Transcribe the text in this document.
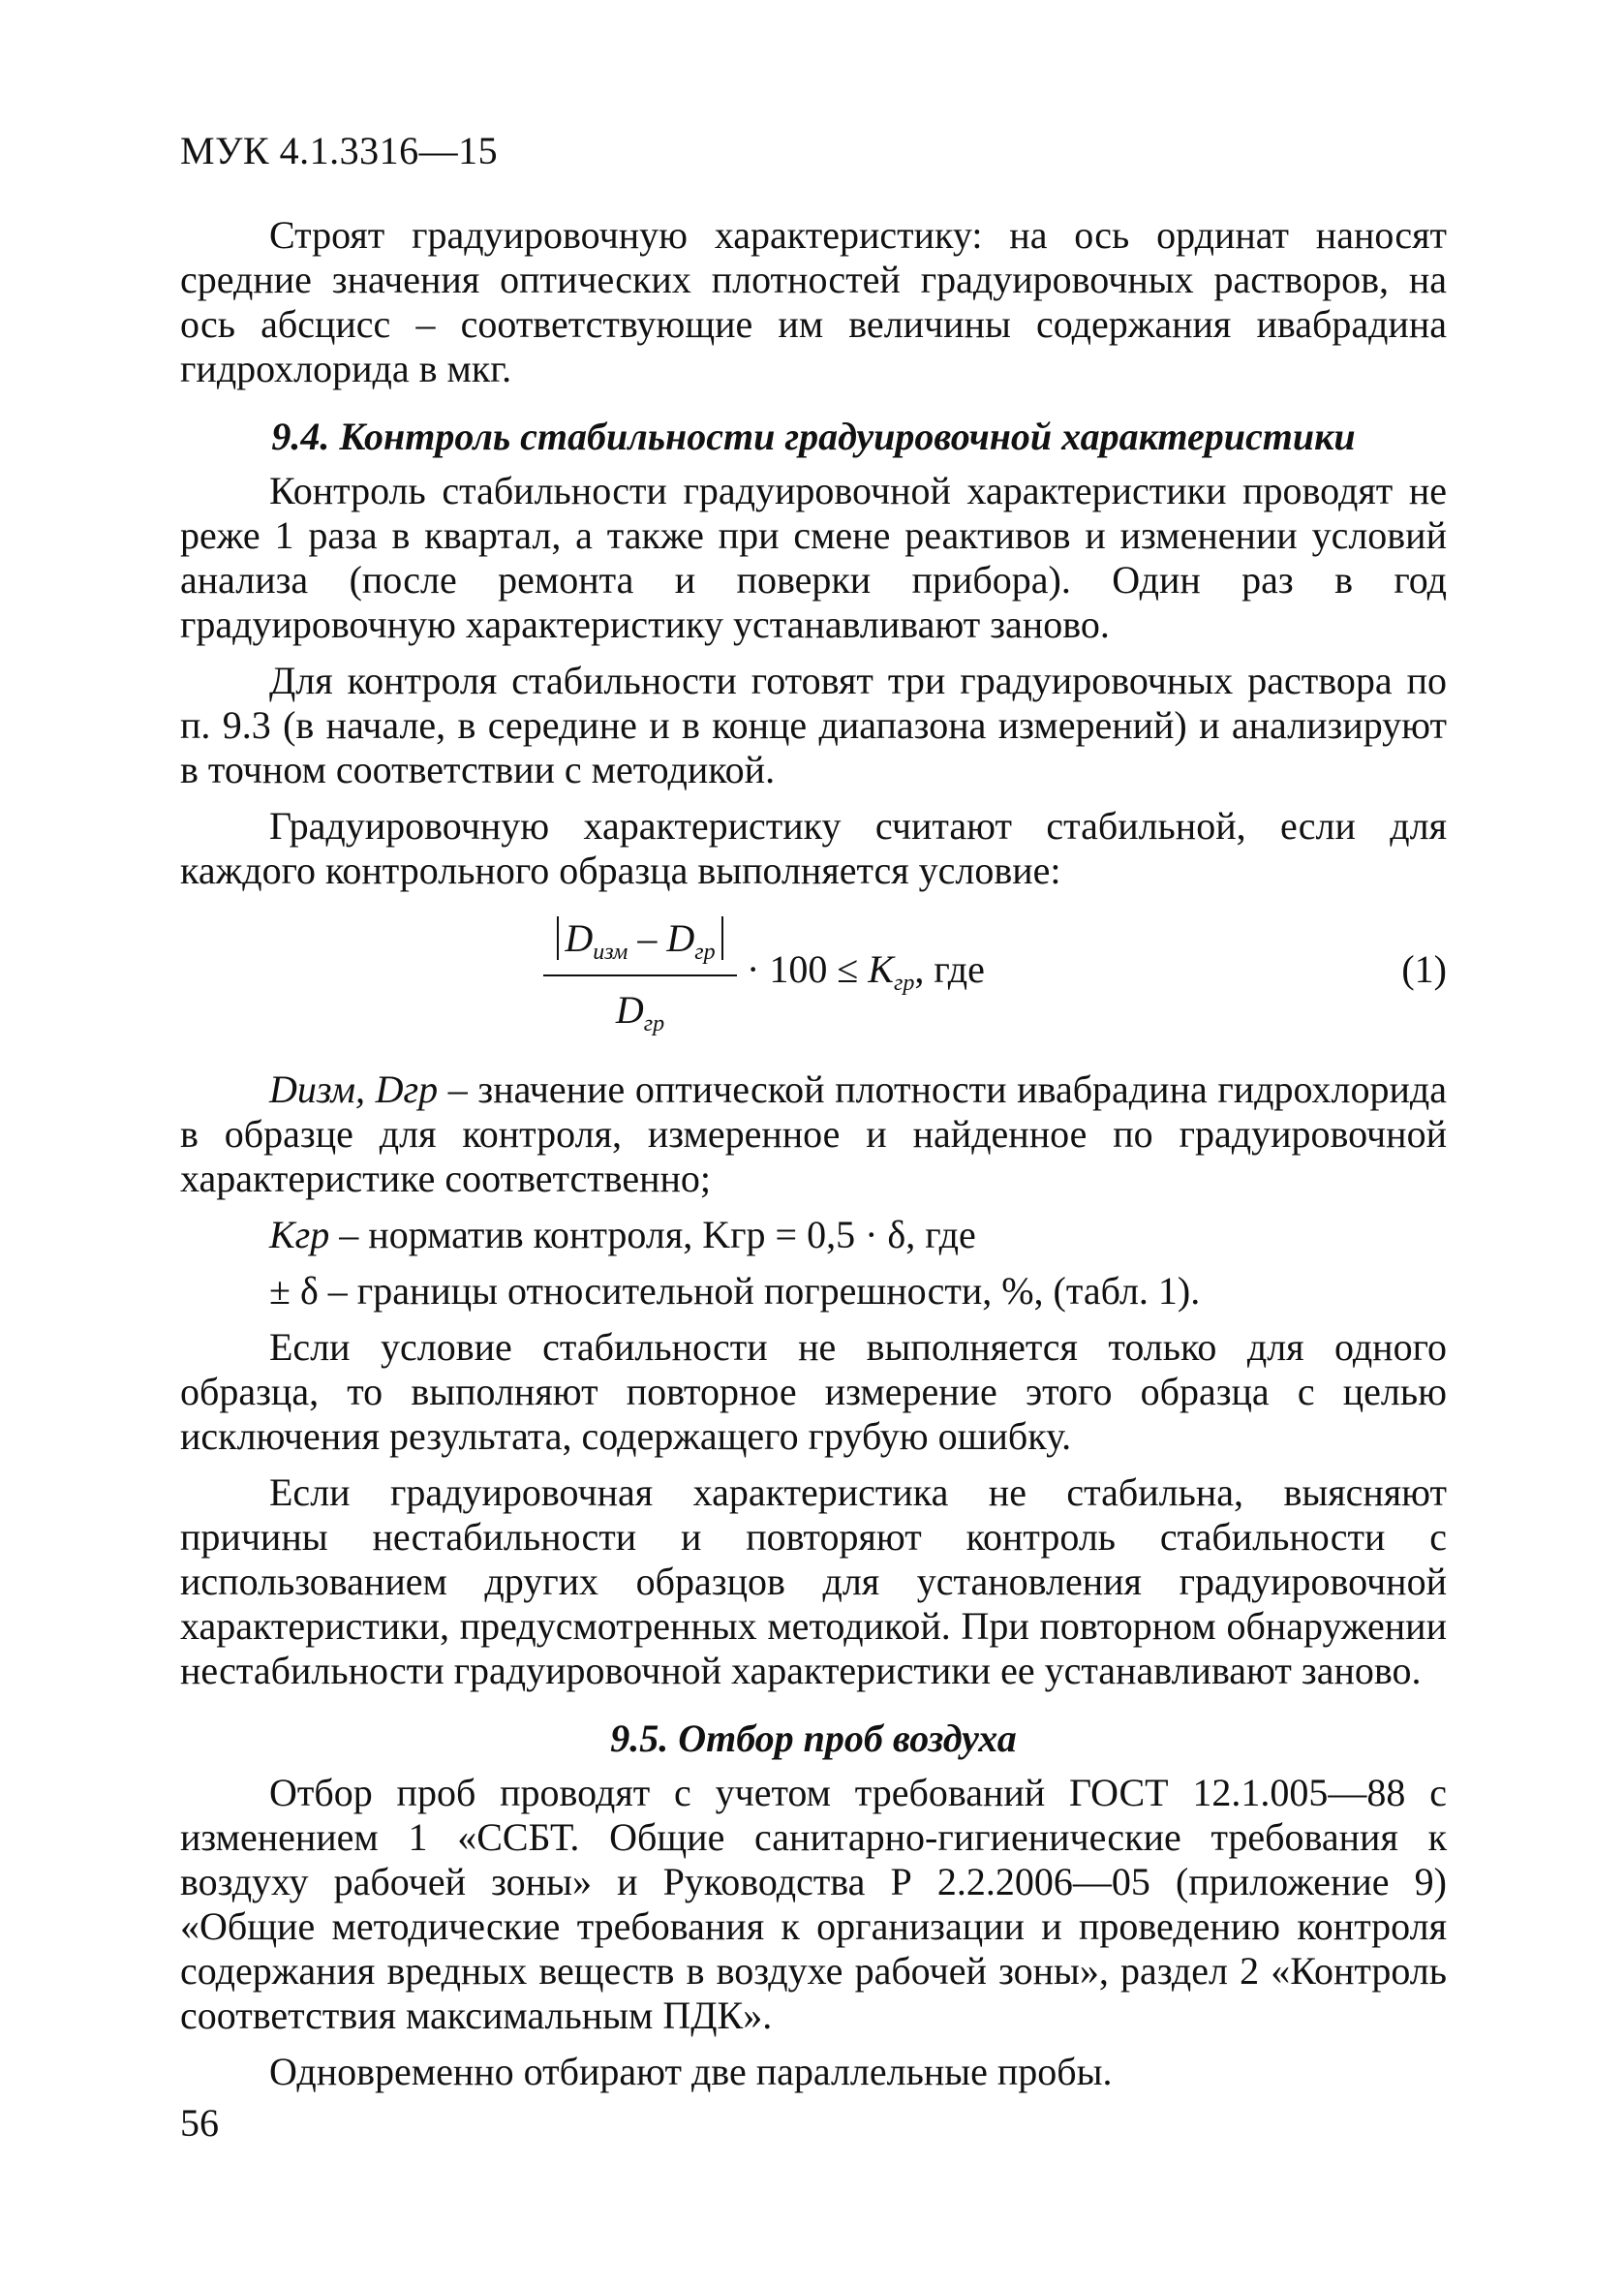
МУК 4.1.3316—15

Строят градуировочную характеристику: на ось ординат наносят средние значения оптических плотностей градуировочных растворов, на ось абсцисс – соответствующие им величины содержания ивабрадина гидрохлорида в мкг.

9.4. Контроль стабильности градуировочной характеристики

Контроль стабильности градуировочной характеристики проводят не реже 1 раза в квартал, а также при смене реактивов и изменении условий анализа (после ремонта и поверки прибора). Один раз в год градуировочную характеристику устанавливают заново.

Для контроля стабильности готовят три градуировочных раствора по п. 9.3 (в начале, в середине и в конце диапазона измерений) и анализируют в точном соответствии с методикой.

Градуировочную характеристику считают стабильной, если для каждого контрольного образца выполняется условие:

$D_{изм} - D_{гр}$
$D_{гр}$
· $100 \le K_{гр}$, где	(1)

Dизм, Dгр – значение оптической плотности ивабрадина гидрохлорида в образце для контроля, измеренное и найденное по градуировочной характеристике соответственно;

Kгр – норматив контроля, Kгр = 0,5 · δ, где

± δ – границы относительной погрешности, %, (табл. 1).

Если условие стабильности не выполняется только для одного образца, то выполняют повторное измерение этого образца с целью исключения результата, содержащего грубую ошибку.

Если градуировочная характеристика не стабильна, выясняют причины нестабильности и повторяют контроль стабильности с использованием других образцов для установления градуировочной характеристики, предусмотренных методикой. При повторном обнаружении нестабильности градуировочной характеристики ее устанавливают заново.

9.5. Отбор проб воздуха

Отбор проб проводят с учетом требований ГОСТ 12.1.005—88 с изменением 1 «ССБТ. Общие санитарно-гигиенические требования к воздуху рабочей зоны» и Руководства Р 2.2.2006—05 (приложение 9) «Общие методические требования к организации и проведению контроля содержания вредных веществ в воздухе рабочей зоны», раздел 2 «Контроль соответствия максимальным ПДК».

Одновременно отбирают две параллельные пробы.

56
